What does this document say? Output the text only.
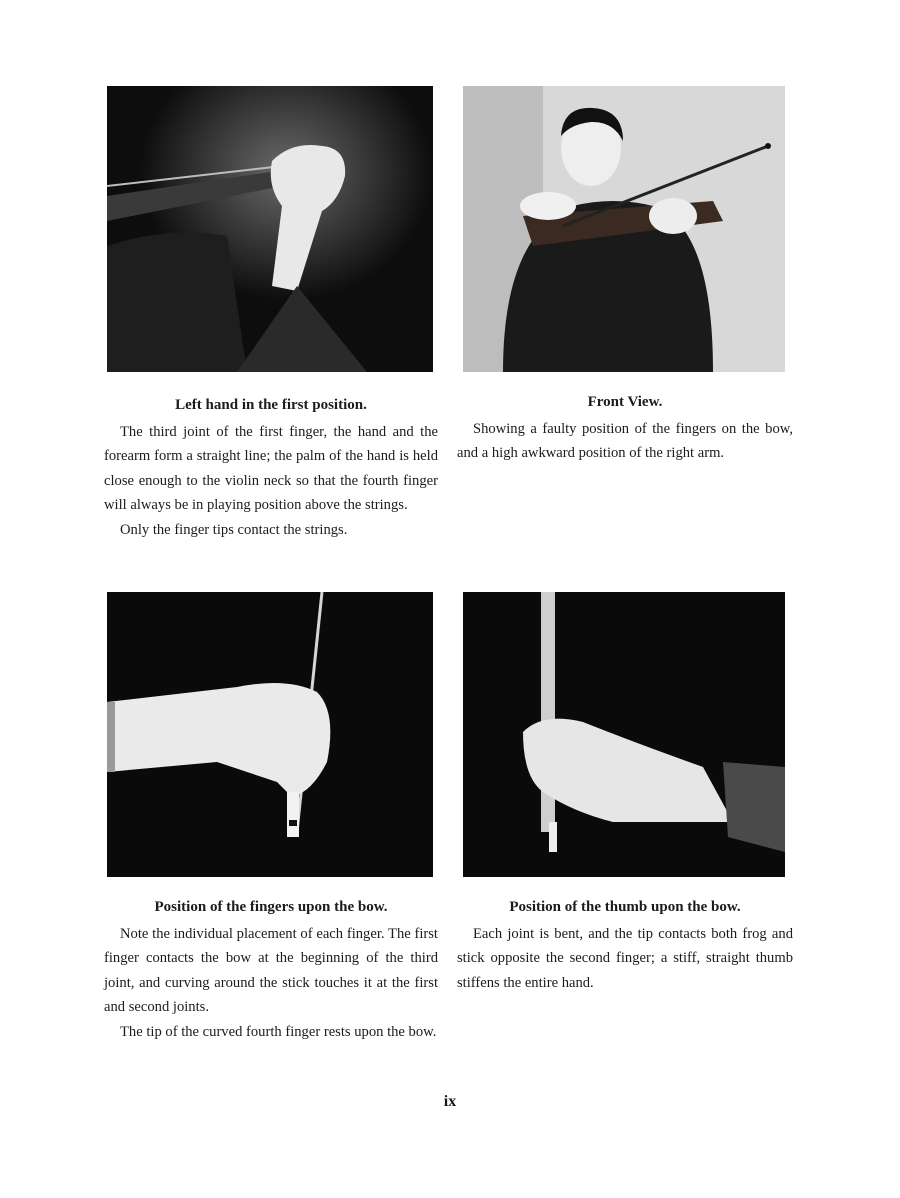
Left hand in the first position.

The third joint of the first finger, the hand and the forearm form a straight line; the palm of the hand is held close enough to the violin neck so that the fourth finger will always be in playing position above the strings.

Only the finger tips contact the strings.

Front View.

Showing a faulty position of the fingers on the bow, and a high awkward position of the right arm.

Position of the fingers upon the bow.

Note the individual placement of each finger. The first finger contacts the bow at the beginning of the third joint, and curving around the stick touches it at the first and second joints.

The tip of the curved fourth finger rests upon the bow.

Position of the thumb upon the bow.

Each joint is bent, and the tip contacts both frog and stick opposite the second finger; a stiff, straight thumb stiffens the entire hand.

ix
